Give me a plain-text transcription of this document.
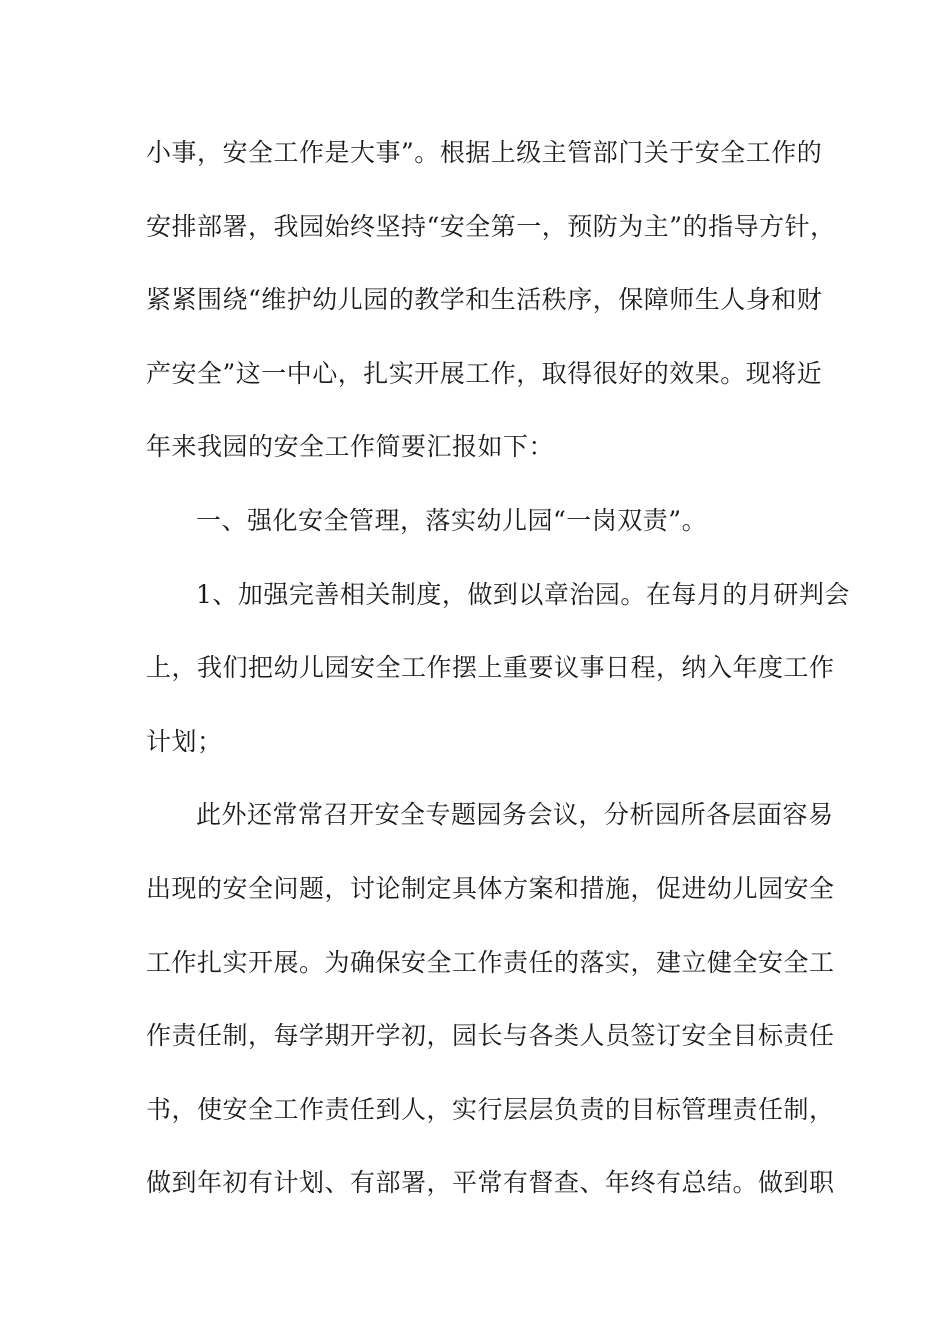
小事，安全工作是大事”。根据上级主管部门关于安全工作的
安排部署，我园始终坚持“安全第一，预防为主”的指导方针，
紧紧围绕“维护幼儿园的教学和生活秩序，保障师生人身和财
产安全”这一中心，扎实开展工作，取得很好的效果。现将近
年来我园的安全工作简要汇报如下：
一、强化安全管理，落实幼儿园“一岗双责”。
1、加强完善相关制度，做到以章治园。在每月的月研判会
上，我们把幼儿园安全工作摆上重要议事日程，纳入年度工作
计划；
此外还常常召开安全专题园务会议，分析园所各层面容易
出现的安全问题，讨论制定具体方案和措施，促进幼儿园安全
工作扎实开展。为确保安全工作责任的落实，建立健全安全工
作责任制，每学期开学初，园长与各类人员签订安全目标责任
书，使安全工作责任到人，实行层层负责的目标管理责任制，
做到年初有计划、有部署，平常有督查、年终有总结。做到职
